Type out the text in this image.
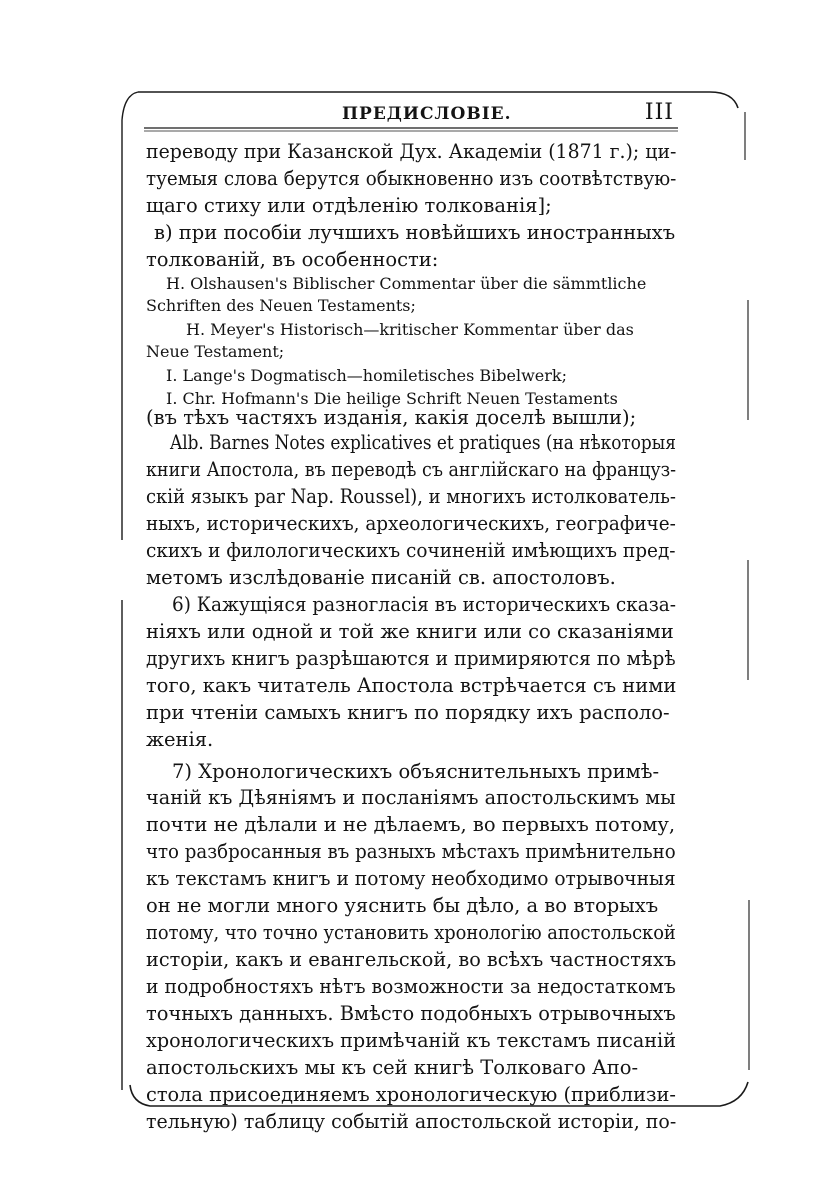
ПРЕДИСЛОВІЕ.	III
переводу при Казанской Дух. Академіи (1871 г.); ци-
туемыя слова берутся обыкновенно изъ соотвѣтствую-
щаго стиху или отдѣленію толкованія];
в) при пособіи лучшихъ новѣйшихъ иностранныхъ
толкованій, въ особенности:
H. Olshausen's Biblischer Commentar über die sämmtliche
Schriften des Neuen Testaments;
H. Meyer's Historisch—kritischer Kommentar über das
Neue Testament;
I. Lange's Dogmatisch—homiletisches Bibelwerk;
I. Chr. Hofmann's Die heilige Schrift Neuen Testaments
(въ тѣхъ частяхъ изданія, какія доселѣ вышли);
Alb. Barnes Notes explicatives et pratiques (на нѣкоторыя
книги Апостола, въ переводѣ съ англійскаго на француз-
скій языкъ par Nap. Roussel), и многихъ истолкователь-
ныхъ, историческихъ, археологическихъ, географиче-
скихъ и филологическихъ сочиненій имѣющихъ пред-
метомъ изслѣдованіе писаній св. апостоловъ.
6) Кажущіяся разногласія въ историческихъ сказа-
ніяхъ или одной и той же книги или со сказаніями
другихъ книгъ разрѣшаются и примиряются по мѣрѣ
того, какъ читатель Апостола встрѣчается съ ними
при чтеніи самыхъ книгъ по порядку ихъ располо-
женія.
7) Хронологическихъ объяснительныхъ примѣ-
чаній къ Дѣяніямъ и посланіямъ апостольскимъ мы
почти не дѣлали и не дѣлаемъ, во первыхъ потому,
что разбросанныя въ разныхъ мѣстахъ примѣнительно
къ текстамъ книгъ и потому необходимо отрывочныя
он не могли много уяснить бы дѣло, а во вторыхъ
потому, что точно установить хронологію апостольской
исторіи, какъ и евангельской, во всѣхъ частностяхъ
и подробностяхъ нѣтъ возможности за недостаткомъ
точныхъ данныхъ. Вмѣсто подобныхъ отрывочныхъ
хронологическихъ примѣчаній къ текстамъ писаній
апостольскихъ мы къ сей книгѣ Толковаго Апо-
стола присоединяемъ хронологическую (приблизи-
тельную) таблицу событій апостольской исторіи, по-
